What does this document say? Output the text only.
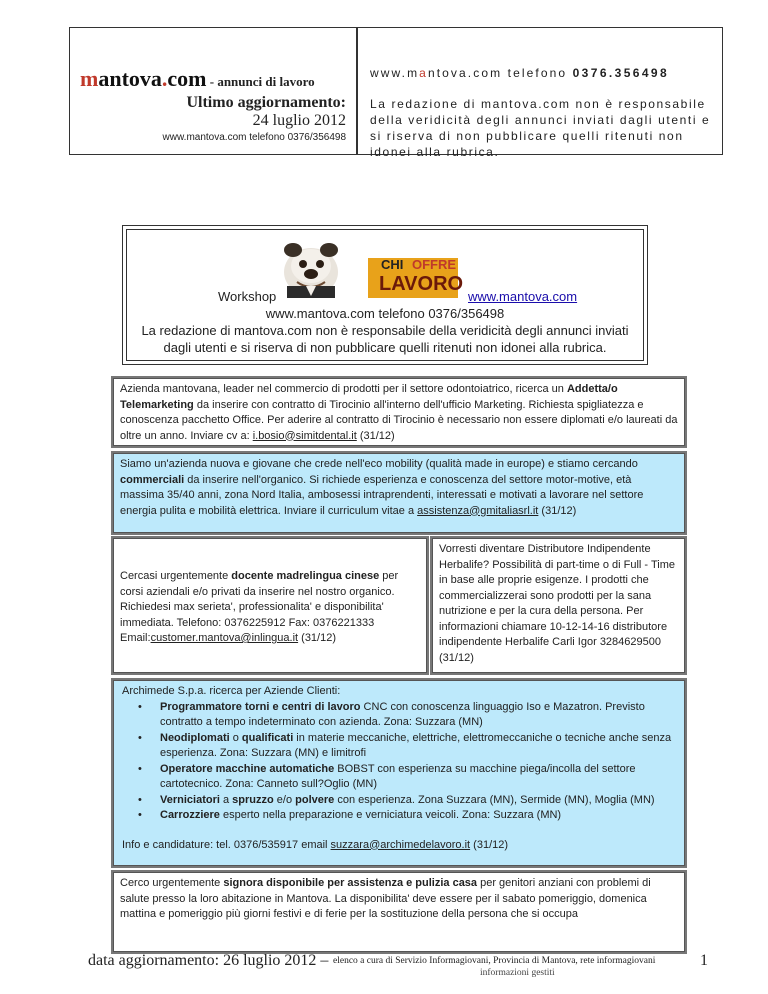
mantova.com - annunci di lavoro
Ultimo aggiornamento:
24 luglio 2012
www.mantova.com telefono 0376/356498
www.mantova.com telefono 0376.356498
La redazione di mantova.com non è responsabile della veridicità degli annunci inviati dagli utenti e si riserva di non pubblicare quelli ritenuti non idonei alla rubrica.
CHI OFFRE
LAVORO
Workshop	www.mantova.com
www.mantova.com telefono 0376/356498
La redazione di mantova.com non è responsabile della veridicità degli annunci inviati dagli utenti e si riserva di non pubblicare quelli ritenuti non idonei alla rubrica.
Azienda mantovana, leader nel commercio di prodotti per il settore odontoiatrico, ricerca un Addetta/o Telemarketing da inserire con contratto di Tirocinio all'interno dell'ufficio Marketing. Richiesta spigliatezza e conoscenza pacchetto Office. Per aderire al contratto di Tirocinio è necessario non essere diplomati e/o laureati da oltre un anno. Inviare cv a: i.bosio@simitdental.it (31/12)
Siamo un'azienda nuova e giovane che crede nell'eco mobility (qualità made in europe) e stiamo cercando commerciali da inserire nell'organico. Si richiede esperienza e conoscenza del settore motor-motive, età massima 35/40 anni, zona Nord Italia, ambosessi intraprendenti, interessati e motivati a lavorare nel settore energia pulita e mobilità elettrica. Inviare il curriculum vitae a assistenza@gmitaliasrl.it (31/12)
Cercasi urgentemente docente madrelingua cinese per corsi aziendali e/o privati da inserire nel nostro organico. Richiedesi max serieta', professionalita' e disponibilita' immediata. Telefono: 0376225912 Fax: 0376221333 Email:customer.mantova@inlingua.it (31/12)
Vorresti diventare Distributore Indipendente Herbalife? Possibilità di part-time o di Full - Time in base alle proprie esigenze. I prodotti che commercializzerai sono prodotti per la sana nutrizione e per la cura della persona. Per informazioni chiamare 10-12-14-16 distributore indipendente Herbalife Carli Igor 3284629500 (31/12)
Archimede S.p.a. ricerca per Aziende Clienti:
• Programmatore torni e centri di lavoro CNC con conoscenza linguaggio Iso e Mazatron. Previsto contratto a tempo indeterminato con azienda. Zona: Suzzara (MN)
• Neodiplomati o qualificati in materie meccaniche, elettriche, elettromeccaniche o tecniche anche senza esperienza. Zona: Suzzara (MN) e limitrofi
• Operatore macchine automatiche BOBST con esperienza su macchine piega/incolla del settore cartotecnico. Zona: Canneto sull?Oglio (MN)
• Verniciatori a spruzzo e/o polvere con esperienza. Zona Suzzara (MN), Sermide (MN), Moglia (MN)
• Carrozziere esperto nella preparazione e verniciatura veicoli. Zona: Suzzara (MN)
Info e candidature: tel. 0376/535917 email suzzara@archimedelavoro.it (31/12)
Cerco urgentemente signora disponibile per assistenza e pulizia casa per genitori anziani con problemi di salute presso la loro abitazione in Mantova. La disponibilita' deve essere per il sabato pomeriggio, domenica mattina e pomeriggio più giorni festivi e di ferie per la sostituzione della persona che si occupa
data aggiornamento: 26 luglio 2012 – elenco a cura di Servizio Informagiovani, Provincia di Mantova, rete informagiovani
informazioni gestiti
1
